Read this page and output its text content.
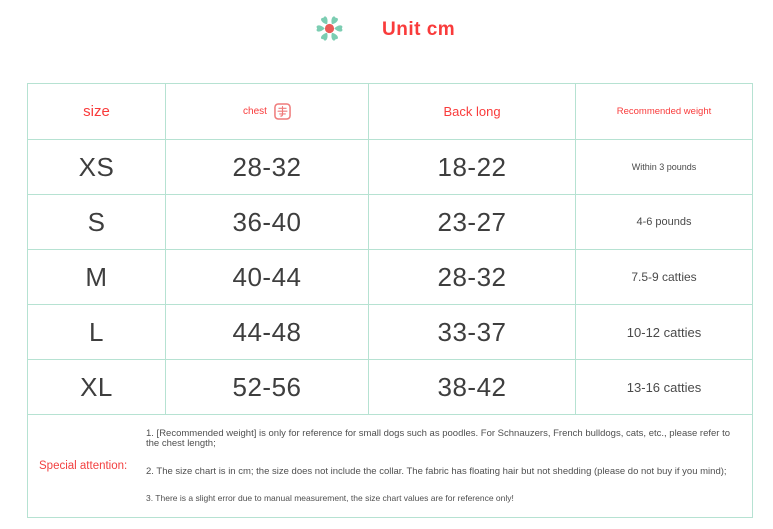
Unit cm
size	chest	Back long	Recommended weight
XS	28-32	18-22	Within 3 pounds
S	36-40	23-27	4-6 pounds
M	40-44	28-32	7.5-9 catties
L	44-48	33-37	10-12 catties
XL	52-56	38-42	13-16 catties
Special attention:

1. [Recommended weight] is only for reference for small dogs such as poodles. For Schnauzers, French bulldogs, cats, etc., please refer to the chest length;

2. The size chart is in cm; the size does not include the collar. The fabric has floating hair but not shedding (please do not buy if you mind);

3. There is a slight error due to manual measurement, the size chart values are for reference only!
